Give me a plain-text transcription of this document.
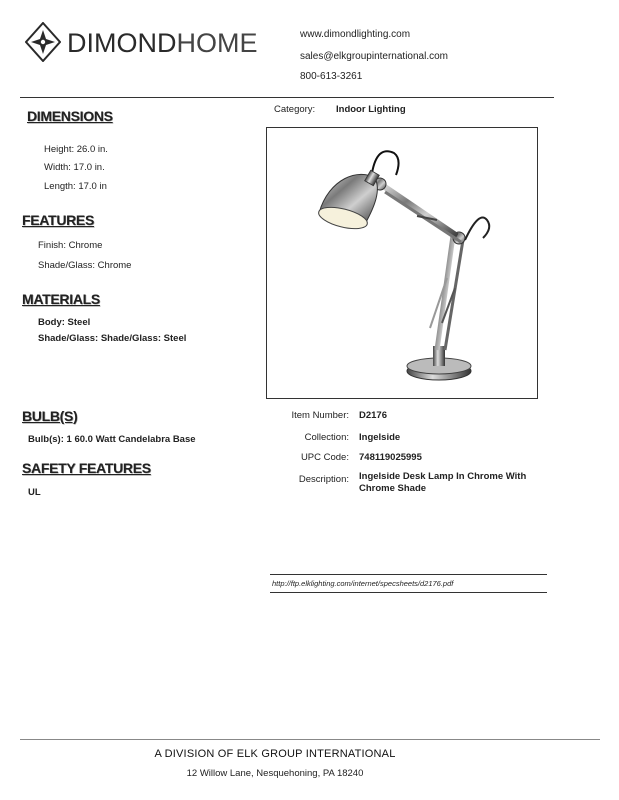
DIMONDHOME	www.dimondlighting.com
sales@elkgroupinternational.com
800-613-3261
Category: Indoor Lighting
DIMENSIONS
Height: 26.0 in.
Width: 17.0 in.
Length: 17.0 in
FEATURES
Finish: Chrome
Shade/Glass: Chrome
MATERIALS
Body: Steel
Shade/Glass: Shade/Glass: Steel
BULB(S)
Bulb(s): 1 60.0 Watt Candelabra Base
SAFETY FEATURES
UL
Item Number: D2176
Collection: Ingelside
UPC Code: 748119025995
Description: Ingelside Desk Lamp In Chrome With Chrome Shade
http://ftp.elklighting.com/internet/specsheets/d2176.pdf
A DIVISION OF ELK GROUP INTERNATIONAL
12 Willow Lane, Nesquehoning, PA 18240
